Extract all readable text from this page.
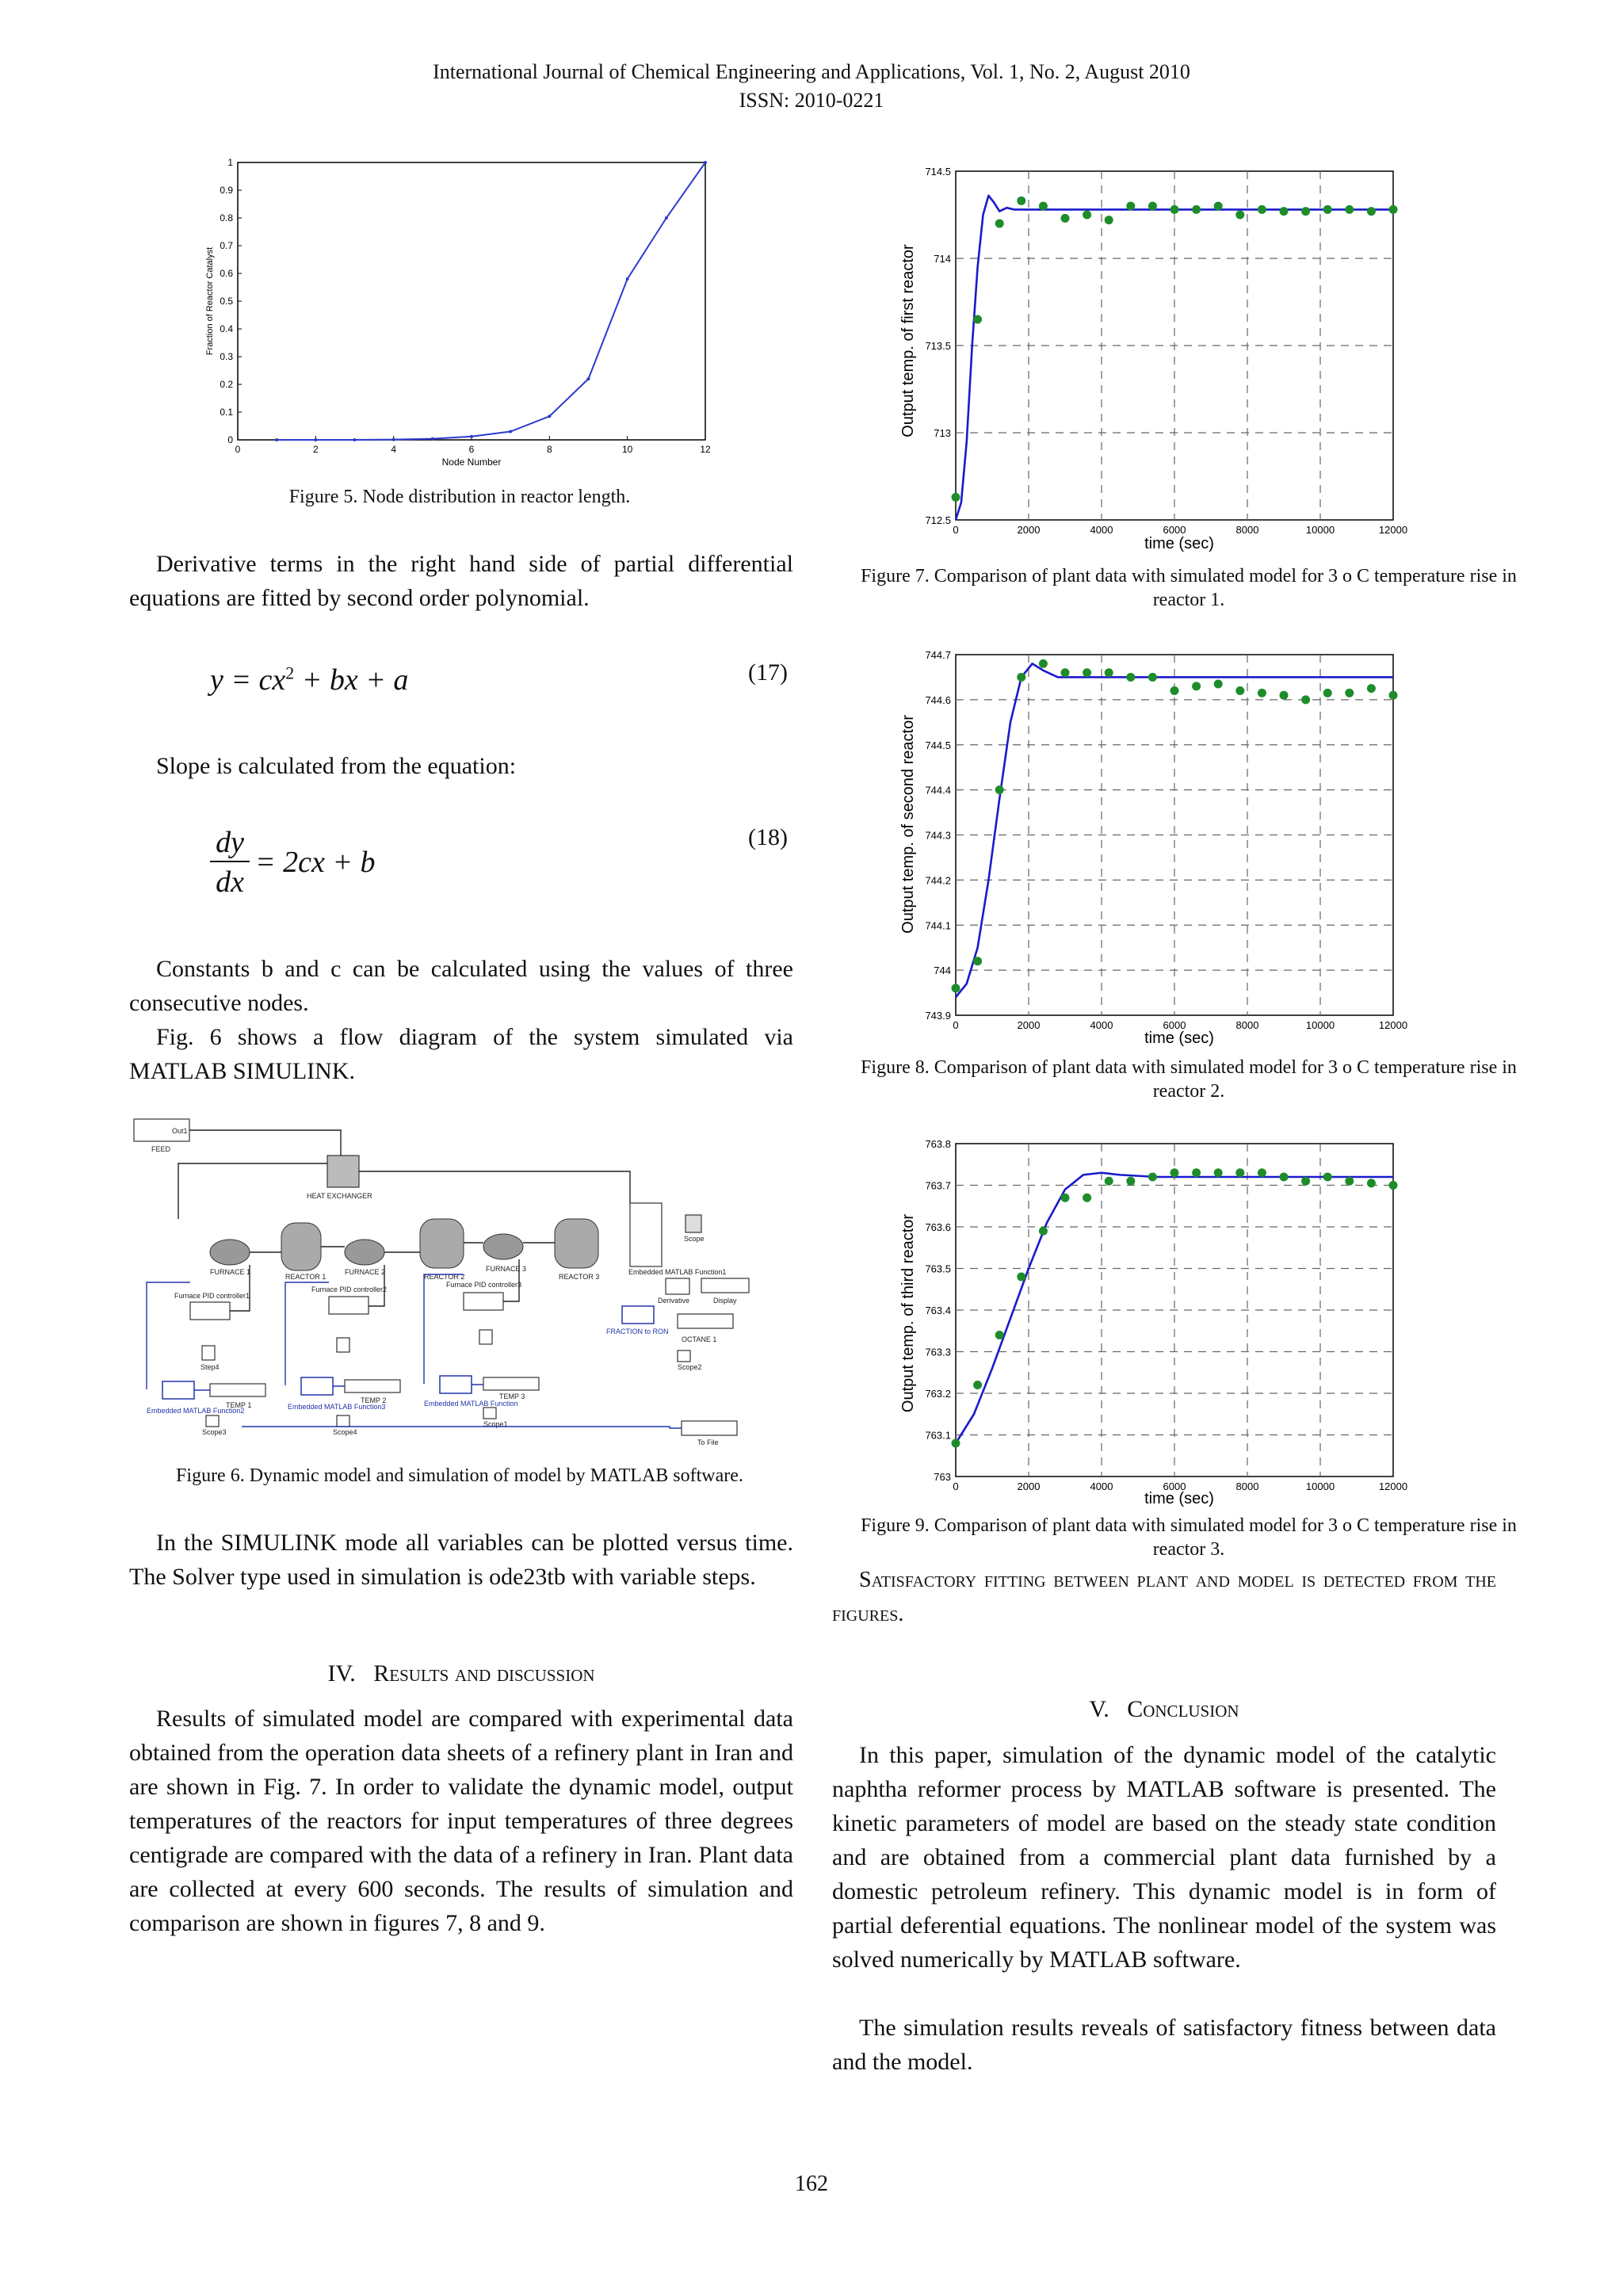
International Journal of Chemical Engineering and Applications, Vol. 1, No. 2, August 2010
ISSN: 2010-0221
0	2	4	6	8	10	12
0
0.1
0.2
0.3
0.4
0.5
0.6
0.7
0.8
0.9
1
Node Number
Fraction of Reactor Catalyst
Figure 5. Node distribution in reactor length.
Derivative terms in the right hand side of partial differential equations are fitted by second order polynomial.
$y = cx^2$ + bx + a	(17)
Slope is calculated from the equation:
$\frac{dy}{dx} = 2cx + b$
(18)
Constants b and c can be calculated using the values of three consecutive nodes.
Fig. 6 shows a flow diagram of the system simulated via MATLAB SIMULINK.
Out1
FEED
HEAT EXCHANGER
FURNACE 1
REACTOR 1
FURNACE 2
REACTOR 2
FURNACE 3
REACTOR 3
Embedded MATLAB Function1
Scope
Furnace PID controller1
Furnace PID controller2
Furnace PID controller3
Step4
FRACTION to RON
Derivative	Display
OCTANE 1
Scope2
Embedded MATLAB Function2
TEMP 1
Scope3
Embedded MATLAB Function3
TEMP 2
Scope4
Embedded MATLAB Function
TEMP 3
Scope1
To File
Figure 6. Dynamic model and simulation of model by MATLAB software.
In the SIMULINK mode all variables can be plotted versus time. The Solver type used in simulation is ode23tb with variable steps.
IV. Results and discussion
Results of simulated model are compared with experimental data obtained from the operation data sheets of a refinery plant in Iran and are shown in Fig. 7. In order to validate the dynamic model, output temperatures of the reactors for input temperatures of three degrees centigrade are compared with the data of a refinery in Iran. Plant data are collected at every 600 seconds. The results of simulation and comparison are shown in figures 7, 8 and 9.
0	2000	4000	6000	8000	10000	12000
712.5
713
713.5
714
714.5
time (sec)
Output temp. of first reactor
Figure 7. Comparison of plant data with simulated model for 3 o C temperature rise in reactor 1.
0	2000	4000	6000	8000	10000	12000
743.9
744
744.1
744.2
744.3
744.4
744.5
744.6
744.7
time (sec)
Output temp. of second reactor
Figure 8. Comparison of plant data with simulated model for 3 o C temperature rise in reactor 2.
0	2000	4000	6000	8000	10000	12000
763
763.1
763.2
763.3
763.4
763.5
763.6
763.7
763.8
time (sec)
Output temp. of third reactor
Figure 9. Comparison of plant data with simulated model for 3 o C temperature rise in reactor 3.
Satisfactory fitting between plant and model is detected from the figures.
V. Conclusion
In this paper, simulation of the dynamic model of the catalytic naphtha reformer process by MATLAB software is presented. The kinetic parameters of model are based on the steady state condition and are obtained from a commercial plant data furnished by a domestic petroleum refinery. This dynamic model is in form of partial deferential equations. The nonlinear model of the system was solved numerically by MATLAB software.
The simulation results reveals of satisfactory fitness between data and the model.
162
